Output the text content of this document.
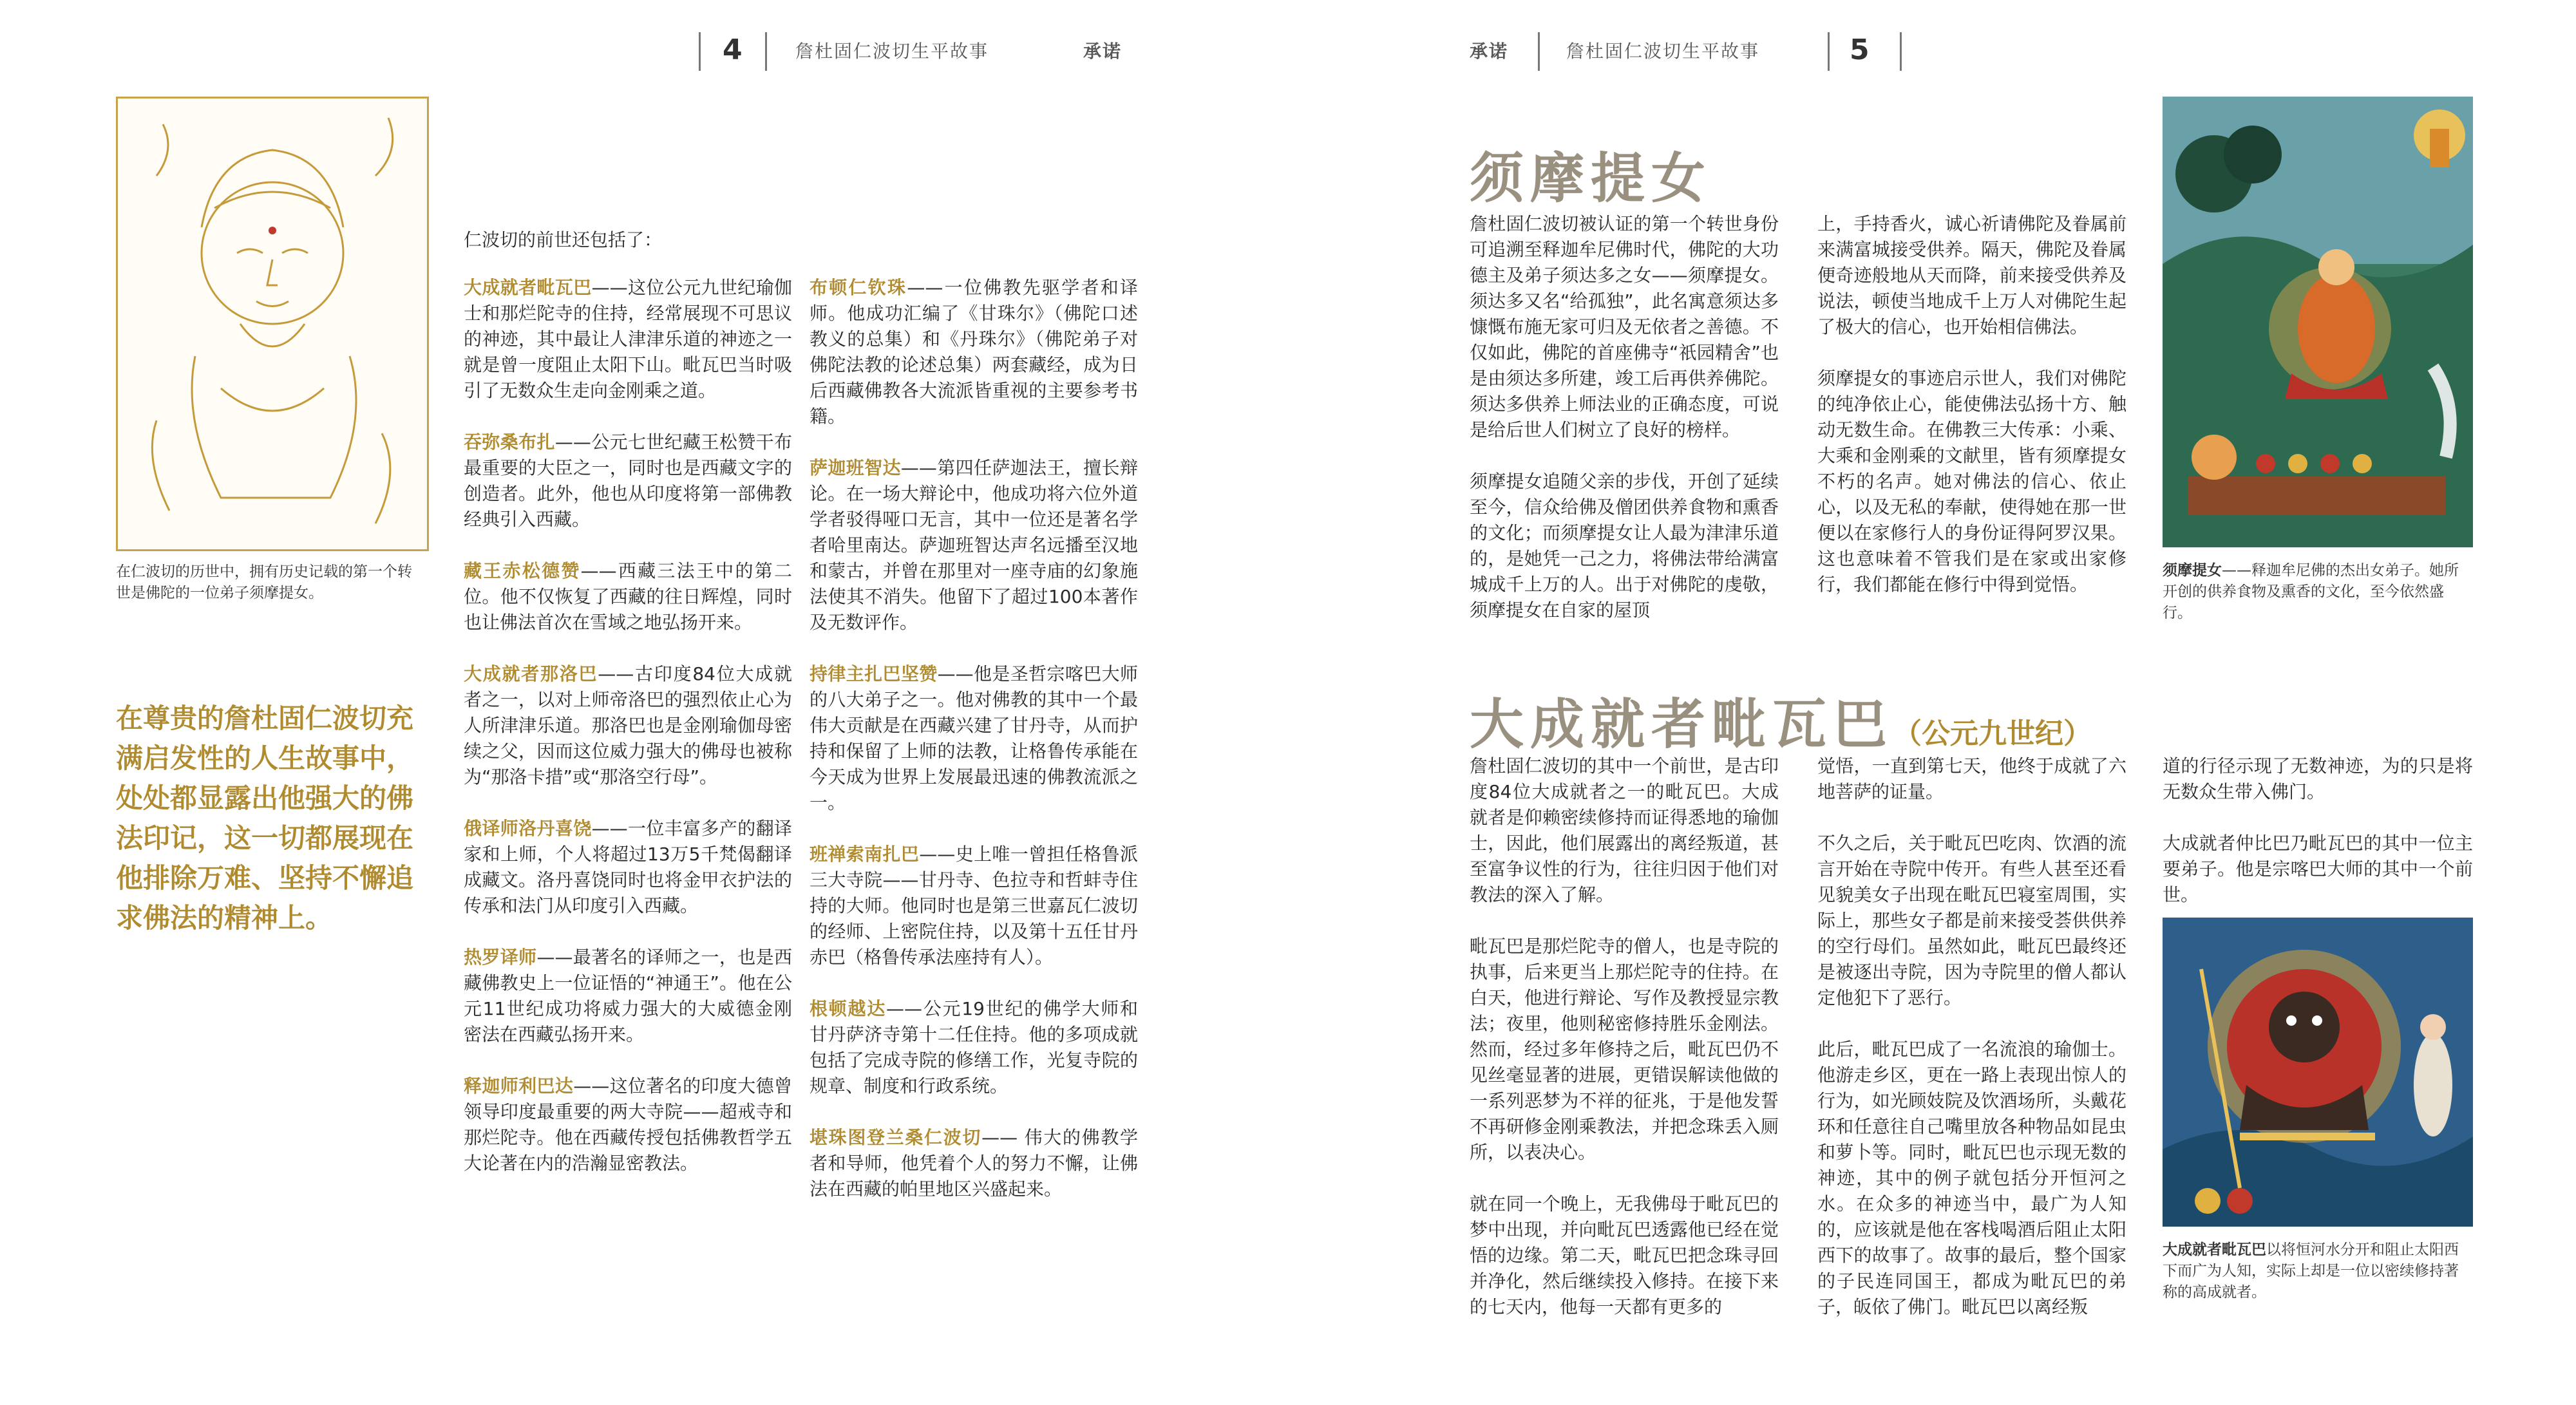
4	詹杜固仁波切生平故事	承诺	承诺	詹杜固仁波切生平故事	5
在仁波切的历世中，拥有历史记载的第一个转世是佛陀的一位弟子须摩提女。
在尊贵的詹杜固仁波切充满启发性的人生故事中，处处都显露出他强大的佛法印记，这一切都展现在他排除万难、坚持不懈追求佛法的精神上。
仁波切的前世还包括了：

大成就者毗瓦巴——这位公元九世纪瑜伽士和那烂陀寺的住持，经常展现不可思议的神迹，其中最让人津津乐道的神迹之一就是曾一度阻止太阳下山。毗瓦巴当时吸引了无数众生走向金刚乘之道。

吞弥桑布扎——公元七世纪藏王松赞干布最重要的大臣之一，同时也是西藏文字的创造者。此外，他也从印度将第一部佛教经典引入西藏。

藏王赤松德赞——西藏三法王中的第二位。他不仅恢复了西藏的往日辉煌，同时也让佛法首次在雪域之地弘扬开来。

大成就者那洛巴——古印度84位大成就者之一，以对上师帝洛巴的强烈依止心为人所津津乐道。那洛巴也是金刚瑜伽母密续之父，因而这位威力强大的佛母也被称为“那洛卡措”或“那洛空行母”。

俄译师洛丹喜饶——一位丰富多产的翻译家和上师，个人将超过13万5千梵偈翻译成藏文。洛丹喜饶同时也将金甲衣护法的传承和法门从印度引入西藏。

热罗译师——最著名的译师之一，也是西藏佛教史上一位证悟的“神通王”。他在公元11世纪成功将威力强大的大威德金刚密法在西藏弘扬开来。

释迦师利巴达——这位著名的印度大德曾领导印度最重要的两大寺院——超戒寺和那烂陀寺。他在西藏传授包括佛教哲学五大论著在内的浩瀚显密教法。

布顿仁钦珠——一位佛教先驱学者和译师。他成功汇编了《甘珠尔》（佛陀口述教义的总集）和《丹珠尔》（佛陀弟子对佛陀法教的论述总集）两套藏经，成为日后西藏佛教各大流派皆重视的主要参考书籍。

萨迦班智达——第四任萨迦法王，擅长辩论。在一场大辩论中，他成功将六位外道学者驳得哑口无言，其中一位还是著名学者哈里南达。萨迦班智达声名远播至汉地和蒙古，并曾在那里对一座寺庙的幻象施法使其不消失。他留下了超过100本著作及无数评作。

持律主扎巴坚赞——他是圣哲宗喀巴大师的八大弟子之一。他对佛教的其中一个最伟大贡献是在西藏兴建了甘丹寺，从而护持和保留了上师的法教，让格鲁传承能在今天成为世界上发展最迅速的佛教流派之一。

班禅索南扎巴——史上唯一曾担任格鲁派三大寺院——甘丹寺、色拉寺和哲蚌寺住持的大师。他同时也是第三世嘉瓦仁波切的经师、上密院住持，以及第十五任甘丹赤巴（格鲁传承法座持有人）。

根顿越达——公元19世纪的佛学大师和甘丹萨济寺第十二任住持。他的多项成就包括了完成寺院的修缮工作，光复寺院的规章、制度和行政系统。

堪珠图登兰桑仁波切—— 伟大的佛教学者和导师，他凭着个人的努力不懈，让佛法在西藏的帕里地区兴盛起来。

须摩提女

詹杜固仁波切被认证的第一个转世身份可追溯至释迦牟尼佛时代，佛陀的大功德主及弟子须达多之女——须摩提女。须达多又名“给孤独”，此名寓意须达多慷慨布施无家可归及无依者之善德。不仅如此，佛陀的首座佛寺“祇园精舍”也是由须达多所建，竣工后再供养佛陀。须达多供养上师法业的正确态度，可说是给后世人们树立了良好的榜样。

须摩提女追随父亲的步伐，开创了延续至今，信众给佛及僧团供养食物和熏香的文化；而须摩提女让人最为津津乐道的，是她凭一己之力，将佛法带给满富城成千上万的人。出于对佛陀的虔敬，须摩提女在自家的屋顶

上，手持香火，诚心祈请佛陀及眷属前来满富城接受供养。隔天，佛陀及眷属便奇迹般地从天而降，前来接受供养及说法，顿使当地成千上万人对佛陀生起了极大的信心，也开始相信佛法。

须摩提女的事迹启示世人，我们对佛陀的纯净依止心，能使佛法弘扬十方、触动无数生命。在佛教三大传承：小乘、大乘和金刚乘的文献里，皆有须摩提女不朽的名声。她对佛法的信心、依止心，以及无私的奉献，使得她在那一世便以在家修行人的身份证得阿罗汉果。这也意味着不管我们是在家或出家修行，我们都能在修行中得到觉悟。

须摩提女——释迦牟尼佛的杰出女弟子。她所开创的供养食物及熏香的文化，至今依然盛行。
大成就者毗瓦巴（公元九世纪）

詹杜固仁波切的其中一个前世，是古印度84位大成就者之一的毗瓦巴。大成就者是仰赖密续修持而证得悉地的瑜伽士，因此，他们展露出的离经叛道，甚至富争议性的行为，往往归因于他们对教法的深入了解。

毗瓦巴是那烂陀寺的僧人，也是寺院的执事，后来更当上那烂陀寺的住持。在白天，他进行辩论、写作及教授显宗教法；夜里，他则秘密修持胜乐金刚法。然而，经过多年修持之后，毗瓦巴仍不见丝毫显著的进展，更错误解读他做的一系列恶梦为不祥的征兆，于是他发誓不再研修金刚乘教法，并把念珠丢入厕所，以表决心。

就在同一个晚上，无我佛母于毗瓦巴的梦中出现，并向毗瓦巴透露他已经在觉悟的边缘。第二天，毗瓦巴把念珠寻回并净化，然后继续投入修持。在接下来的七天内，他每一天都有更多的

觉悟，一直到第七天，他终于成就了六地菩萨的证量。

不久之后，关于毗瓦巴吃肉、饮酒的流言开始在寺院中传开。有些人甚至还看见貌美女子出现在毗瓦巴寝室周围，实际上，那些女子都是前来接受荟供供养的空行母们。虽然如此，毗瓦巴最终还是被逐出寺院，因为寺院里的僧人都认定他犯下了恶行。

此后，毗瓦巴成了一名流浪的瑜伽士。他游走乡区，更在一路上表现出惊人的行为，如光顾妓院及饮酒场所，头戴花环和任意往自己嘴里放各种物品如昆虫和萝卜等。同时，毗瓦巴也示现无数的神迹，其中的例子就包括分开恒河之水。在众多的神迹当中，最广为人知的，应该就是他在客栈喝酒后阻止太阳西下的故事了。故事的最后，整个国家的子民连同国王，都成为毗瓦巴的弟子，皈依了佛门。毗瓦巴以离经叛

道的行径示现了无数神迹，为的只是将无数众生带入佛门。

大成就者仲比巴乃毗瓦巴的其中一位主要弟子。他是宗喀巴大师的其中一个前世。

大成就者毗瓦巴以将恒河水分开和阻止太阳西下而广为人知，实际上却是一位以密续修持著称的高成就者。
